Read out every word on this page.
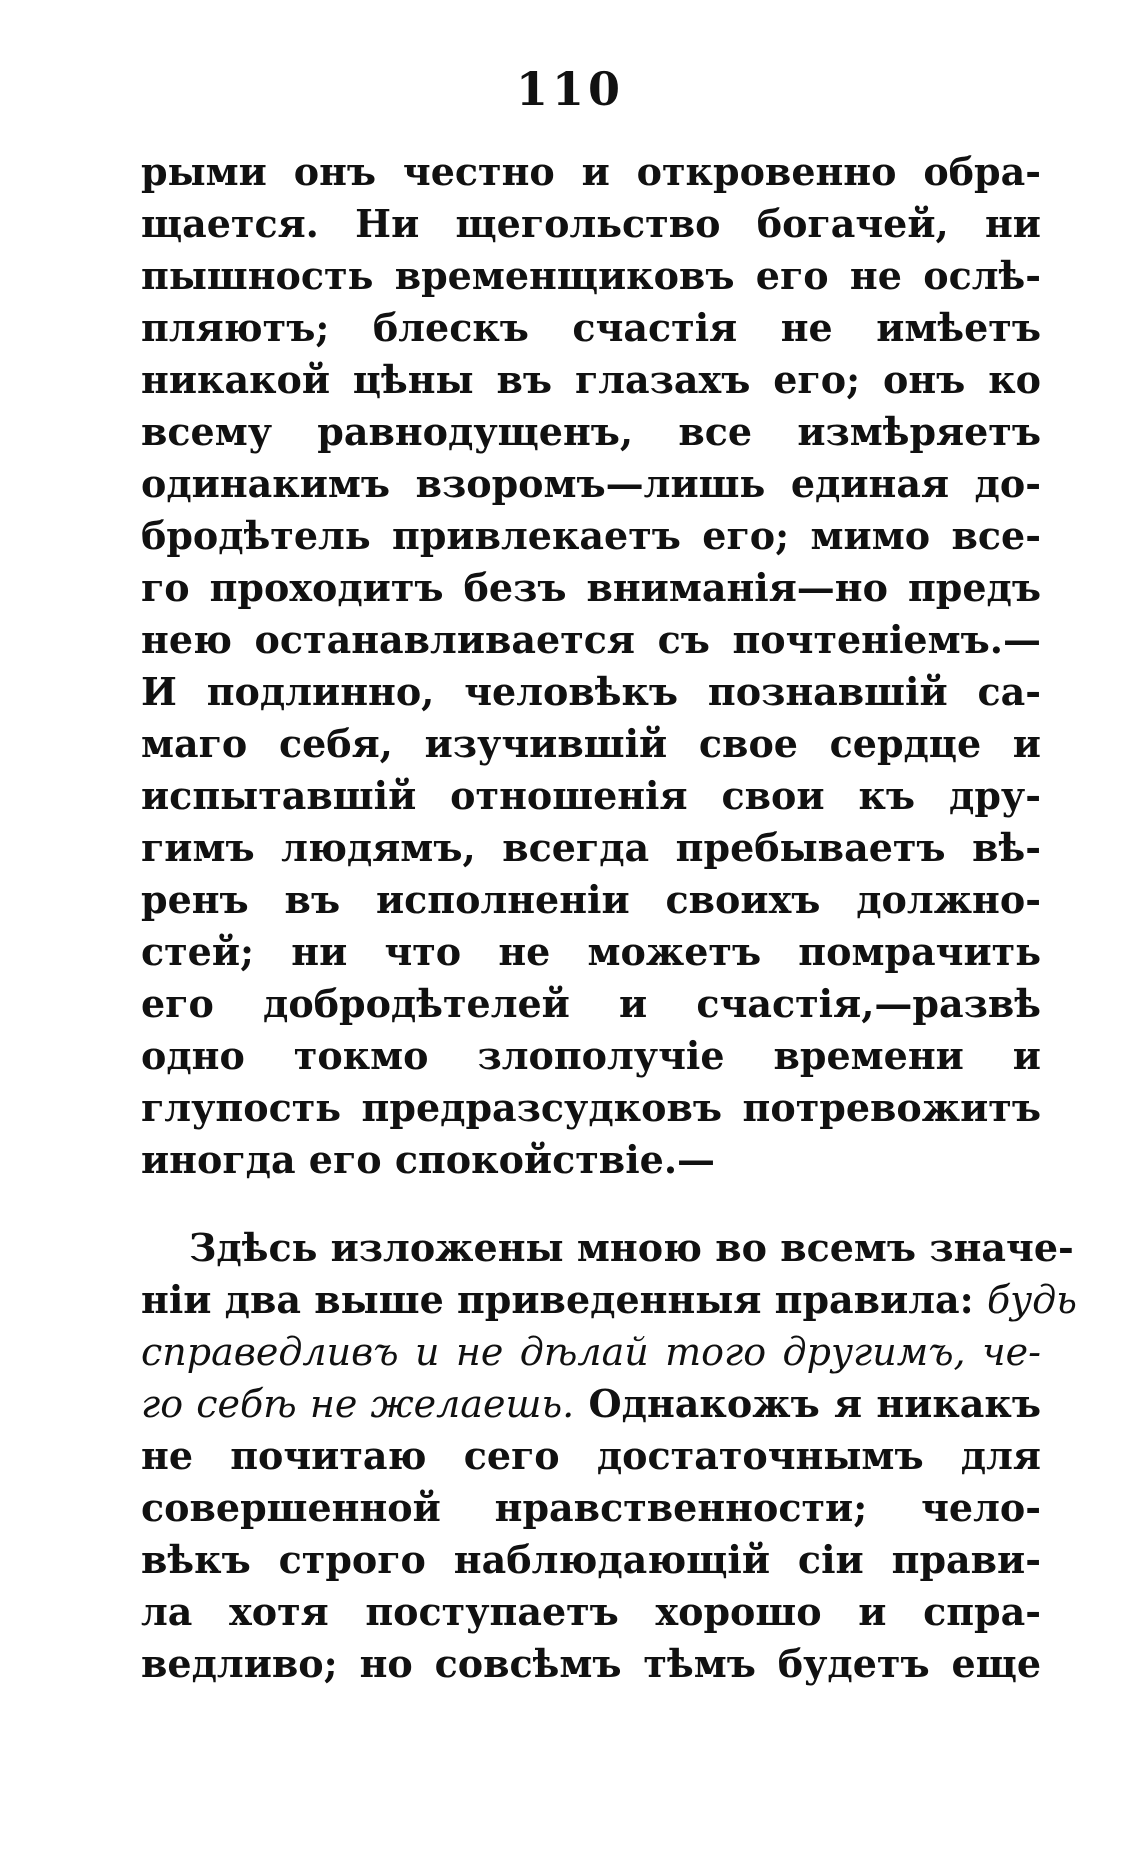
110
рыми онъ честно и откровенно обра-
щается. Ни щегольство богачей, ни
пышность временщиковъ его не ослѣ-
пляютъ; блескъ счастія не имѣетъ
никакой цѣны въ глазахъ его; онъ ко
всему равнодущенъ, все измѣряетъ
одинакимъ взоромъ—лишь единая до-
бродѣтель привлекаетъ его; мимо все-
го проходитъ безъ вниманія—но предъ
нею останавливается съ почтеніемъ.—
И подлинно, человѣкъ познавшій са-
маго себя, изучившій свое сердце и
испытавшій отношенія свои къ дру-
гимъ людямъ, всегда пребываетъ вѣ-
ренъ въ исполненіи своихъ должно-
стей; ни что не можетъ помрачить
его добродѣтелей и счастія,—развѣ
одно токмо злополучіе времени и
глупость предразсудковъ потревожитъ
иногда его спокойствіе.—
Здѣсь изложены мною во всемъ значе-
ніи два выше приведенныя правила: будь
справедливъ и не дѣлай того другимъ, че-
го себѣ не желаешь. Однакожъ я никакъ
не почитаю сего достаточнымъ для
совершенной нравственности; чело-
вѣкъ строго наблюдающій сіи прави-
ла хотя поступаетъ хорошо и спра-
ведливо; но совсѣмъ тѣмъ будетъ еще
